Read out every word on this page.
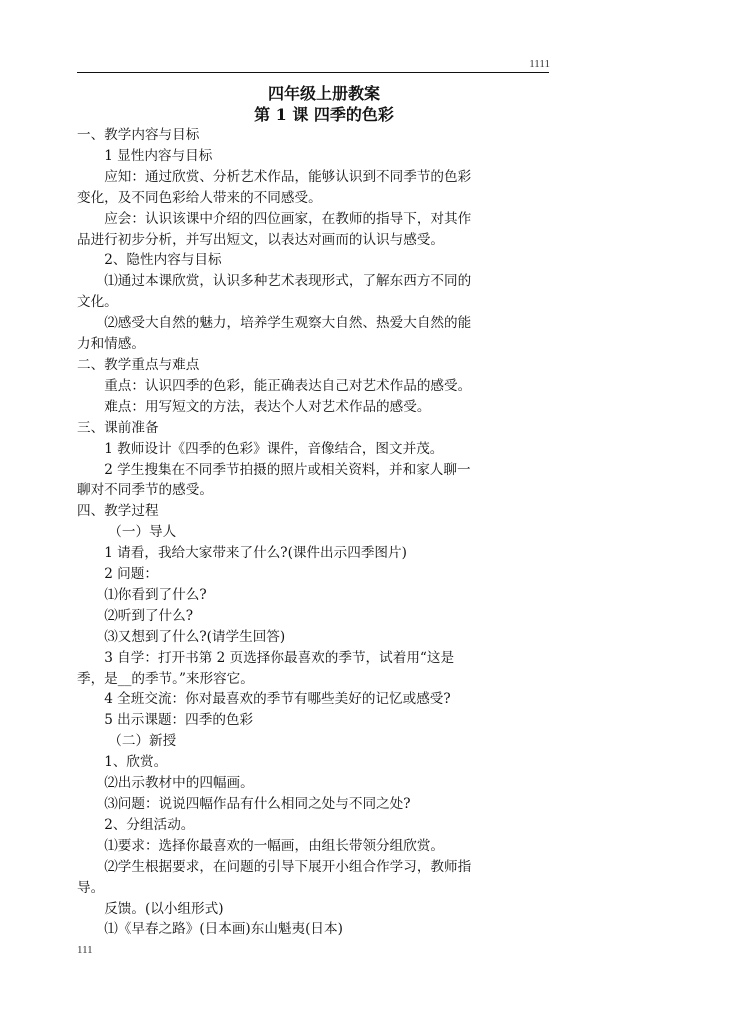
1111
四年级上册教案
第 1 课 四季的色彩
一、教学内容与目标
1 显性内容与目标
应知：通过欣赏、分析艺术作品，能够认识到不同季节的色彩
变化，及不同色彩给人带来的不同感受。
应会：认识该课中介绍的四位画家，在教师的指导下，对其作
品进行初步分析，并写出短文，以表达对画而的认识与感受。
2、隐性内容与目标
⑴通过本课欣赏，认识多种艺术表现形式，了解东西方不同的
文化。
⑵感受大自然的魅力，培养学生观察大自然、热爱大自然的能
力和情感。
二、教学重点与难点
重点：认识四季的色彩，能正确表达自己对艺术作品的感受。
难点：用写短文的方法，表达个人对艺术作品的感受。
三、课前准备
1 教师设计《四季的色彩》课件，音像结合，图文并茂。
2 学生搜集在不同季节拍摄的照片或相关资料，并和家人聊一
聊对不同季节的感受。
四、教学过程
（一）导人
1 请看，我给大家带来了什么?(课件出示四季图片)
2 问题：
⑴你看到了什么?
⑵听到了什么?
⑶又想到了什么?(请学生回答)
3 自学：打开书第 2 页选择你最喜欢的季节，试着用“这是
季，是__的季节。”来形容它。
4 全班交流：你对最喜欢的季节有哪些美好的记忆或感受?
5 出示课题：四季的色彩
（二）新授
1、欣赏。
⑵出示教材中的四幅画。
⑶问题：说说四幅作品有什么相同之处与不同之处?
2、分组活动。
⑴要求：选择你最喜欢的一幅画，由组长带领分组欣赏。
⑵学生根据要求，在问题的引导下展开小组合作学习，教师指
导。
反馈。(以小组形式)
⑴《早春之路》(日本画)东山魁夷(日本)
111
